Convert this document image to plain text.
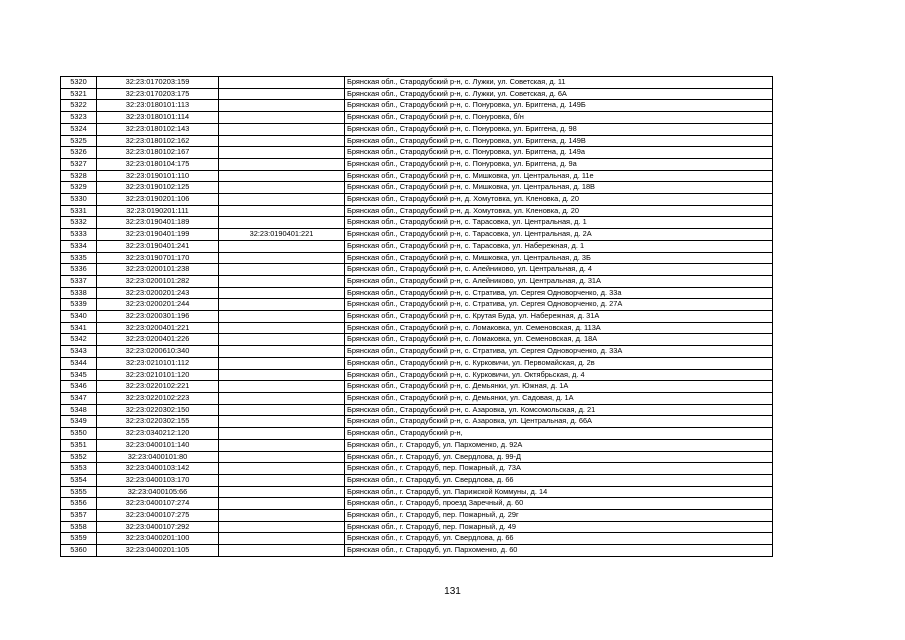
5320	32:23:0170203:159		Брянская обл., Стародубский р-н, с. Лужки, ул. Советская, д. 11
5321	32:23:0170203:175		Брянская обл., Стародубский р-н, с. Лужки, ул. Советская, д. 6А
5322	32:23:0180101:113		Брянская обл., Стародубский р-н, с. Понуровка, ул. Бриггена, д. 149Б
5323	32:23:0180101:114		Брянская обл., Стародубский р-н, с. Понуровка, б/н
5324	32:23:0180102:143		Брянская обл., Стародубский р-н, с. Понуровка, ул. Бриггена, д. 98
5325	32:23:0180102:162		Брянская обл., Стародубский р-н, с. Понуровка, ул. Бриггена, д. 149В
5326	32:23:0180102:167		Брянская обл., Стародубский р-н, с. Понуровка, ул. Бриггена, д. 149а
5327	32:23:0180104:175		Брянская обл., Стародубский р-н, с. Понуровка, ул. Бриггена, д. 9а
5328	32:23:0190101:110		Брянская обл., Стародубский р-н, с. Мишковка, ул. Центральная, д. 11е
5329	32:23:0190102:125		Брянская обл., Стародубский р-н, с. Мишковка, ул. Центральная, д. 18В
5330	32:23:0190201:106		Брянская обл., Стародубский р-н, д. Хомутовка, ул. Кленовка, д. 20
5331	32:23:0190201:111		Брянская обл., Стародубский р-н, д. Хомутовка, ул. Кленовка, д. 20
5332	32:23:0190401:189		Брянская обл., Стародубский р-н, с. Тарасовка, ул. Центральная, д. 1
5333	32:23:0190401:199	32:23:0190401:221	Брянская обл., Стародубский р-н, с. Тарасовка, ул. Центральная, д. 2А
5334	32:23:0190401:241		Брянская обл., Стародубский р-н, с. Тарасовка, ул. Набережная, д. 1
5335	32:23:0190701:170		Брянская обл., Стародубский р-н, с. Мишковка, ул. Центральная, д. 3Б
5336	32:23:0200101:238		Брянская обл., Стародубский р-н, с. Алейниково, ул. Центральная, д. 4
5337	32:23:0200101:282		Брянская обл., Стародубский р-н, с. Алейниково, ул. Центральная, д. 31А
5338	32:23:0200201:243		Брянская обл., Стародубский р-н, с. Стратива, ул. Сергея Одноворченко, д. 33а
5339	32:23:0200201:244		Брянская обл., Стародубский р-н, с. Стратива, ул. Сергея Одноворченко, д. 27А
5340	32:23:0200301:196		Брянская обл., Стародубский р-н, с. Крутая Буда, ул. Набережная, д. 31А
5341	32:23:0200401:221		Брянская обл., Стародубский р-н, с. Ломаковка, ул. Семеновская, д. 113А
5342	32:23:0200401:226		Брянская обл., Стародубский р-н, с. Ломаковка, ул. Семеновская, д. 18А
5343	32:23:0200610:340		Брянская обл., Стародубский р-н, с. Стратива, ул. Сергея Одноворченко, д. 33А
5344	32:23:0210101:112		Брянская обл., Стародубский р-н, с. Курковичи, ул. Первомайская, д. 2в
5345	32:23:0210101:120		Брянская обл., Стародубский р-н, с. Курковичи, ул. Октябрьская, д. 4
5346	32:23:0220102:221		Брянская обл., Стародубский р-н, с. Демьянки, ул. Южная, д. 1А
5347	32:23:0220102:223		Брянская обл., Стародубский р-н, с. Демьянки, ул. Садовая, д. 1А
5348	32:23:0220302:150		Брянская обл., Стародубский р-н, с. Азаровка, ул. Комсомольская, д. 21
5349	32:23:0220302:155		Брянская обл., Стародубский р-н, с. Азаровка, ул. Центральная, д. 66А
5350	32:23:0340212:120		Брянская обл., Стародубский р-н,
5351	32:23:0400101:140		Брянская обл., г. Стародуб, ул. Пархоменко, д. 92А
5352	32:23:0400101:80		Брянская обл., г. Стародуб, ул. Свердлова, д. 99-Д
5353	32:23:0400103:142		Брянская обл., г. Стародуб, пер. Пожарный, д. 73А
5354	32:23:0400103:170		Брянская обл., г. Стародуб, ул. Свердлова, д. 66
5355	32:23:0400105:66		Брянская обл., г. Стародуб, ул. Парижской Коммуны, д. 14
5356	32:23:0400107:274		Брянская обл., г. Стародуб, проезд Заречный, д. 60
5357	32:23:0400107:275		Брянская обл., г. Стародуб, пер. Пожарный, д. 29г
5358	32:23:0400107:292		Брянская обл., г. Стародуб, пер. Пожарный, д. 49
5359	32:23:0400201:100		Брянская обл., г. Стародуб, ул. Свердлова, д. 66
5360	32:23:0400201:105		Брянская обл., г. Стародуб, ул. Пархоменко, д. 60
131
